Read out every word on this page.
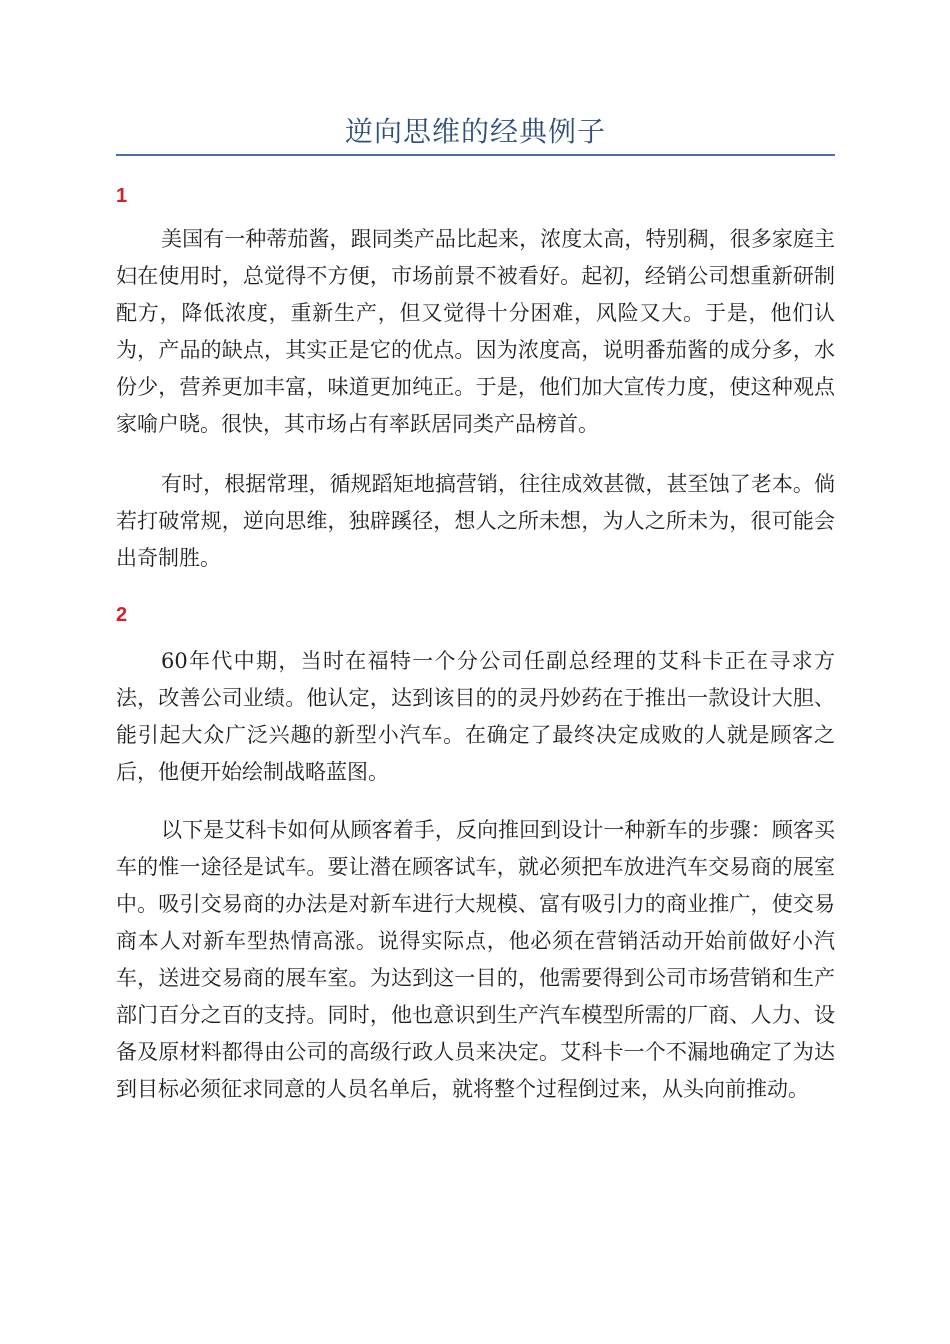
逆向思维的经典例子
1

美国有一种蒂茄酱，跟同类产品比起来，浓度太高，特别稠，很多家庭主妇在使用时，总觉得不方便，市场前景不被看好。起初，经销公司想重新研制配方，降低浓度，重新生产，但又觉得十分困难，风险又大。于是，他们认为，产品的缺点，其实正是它的优点。因为浓度高，说明番茄酱的成分多，水份少，营养更加丰富，味道更加纯正。于是，他们加大宣传力度，使这种观点家喻户晓。很快，其市场占有率跃居同类产品榜首。

有时，根据常理，循规蹈矩地搞营销，往往成效甚微，甚至蚀了老本。倘若打破常规，逆向思维，独辟蹊径，想人之所未想，为人之所未为，很可能会出奇制胜。

2

60年代中期，当时在福特一个分公司任副总经理的艾科卡正在寻求方法，改善公司业绩。他认定，达到该目的的灵丹妙药在于推出一款设计大胆、能引起大众广泛兴趣的新型小汽车。在确定了最终决定成败的人就是顾客之后，他便开始绘制战略蓝图。

以下是艾科卡如何从顾客着手，反向推回到设计一种新车的步骤：顾客买车的惟一途径是试车。要让潜在顾客试车，就必须把车放进汽车交易商的展室中。吸引交易商的办法是对新车进行大规模、富有吸引力的商业推广，使交易商本人对新车型热情高涨。说得实际点，他必须在营销活动开始前做好小汽车，送进交易商的展车室。为达到这一目的，他需要得到公司市场营销和生产部门百分之百的支持。同时，他也意识到生产汽车模型所需的厂商、人力、设备及原材料都得由公司的高级行政人员来决定。艾科卡一个不漏地确定了为达到目标必须征求同意的人员名单后，就将整个过程倒过来，从头向前推动。
